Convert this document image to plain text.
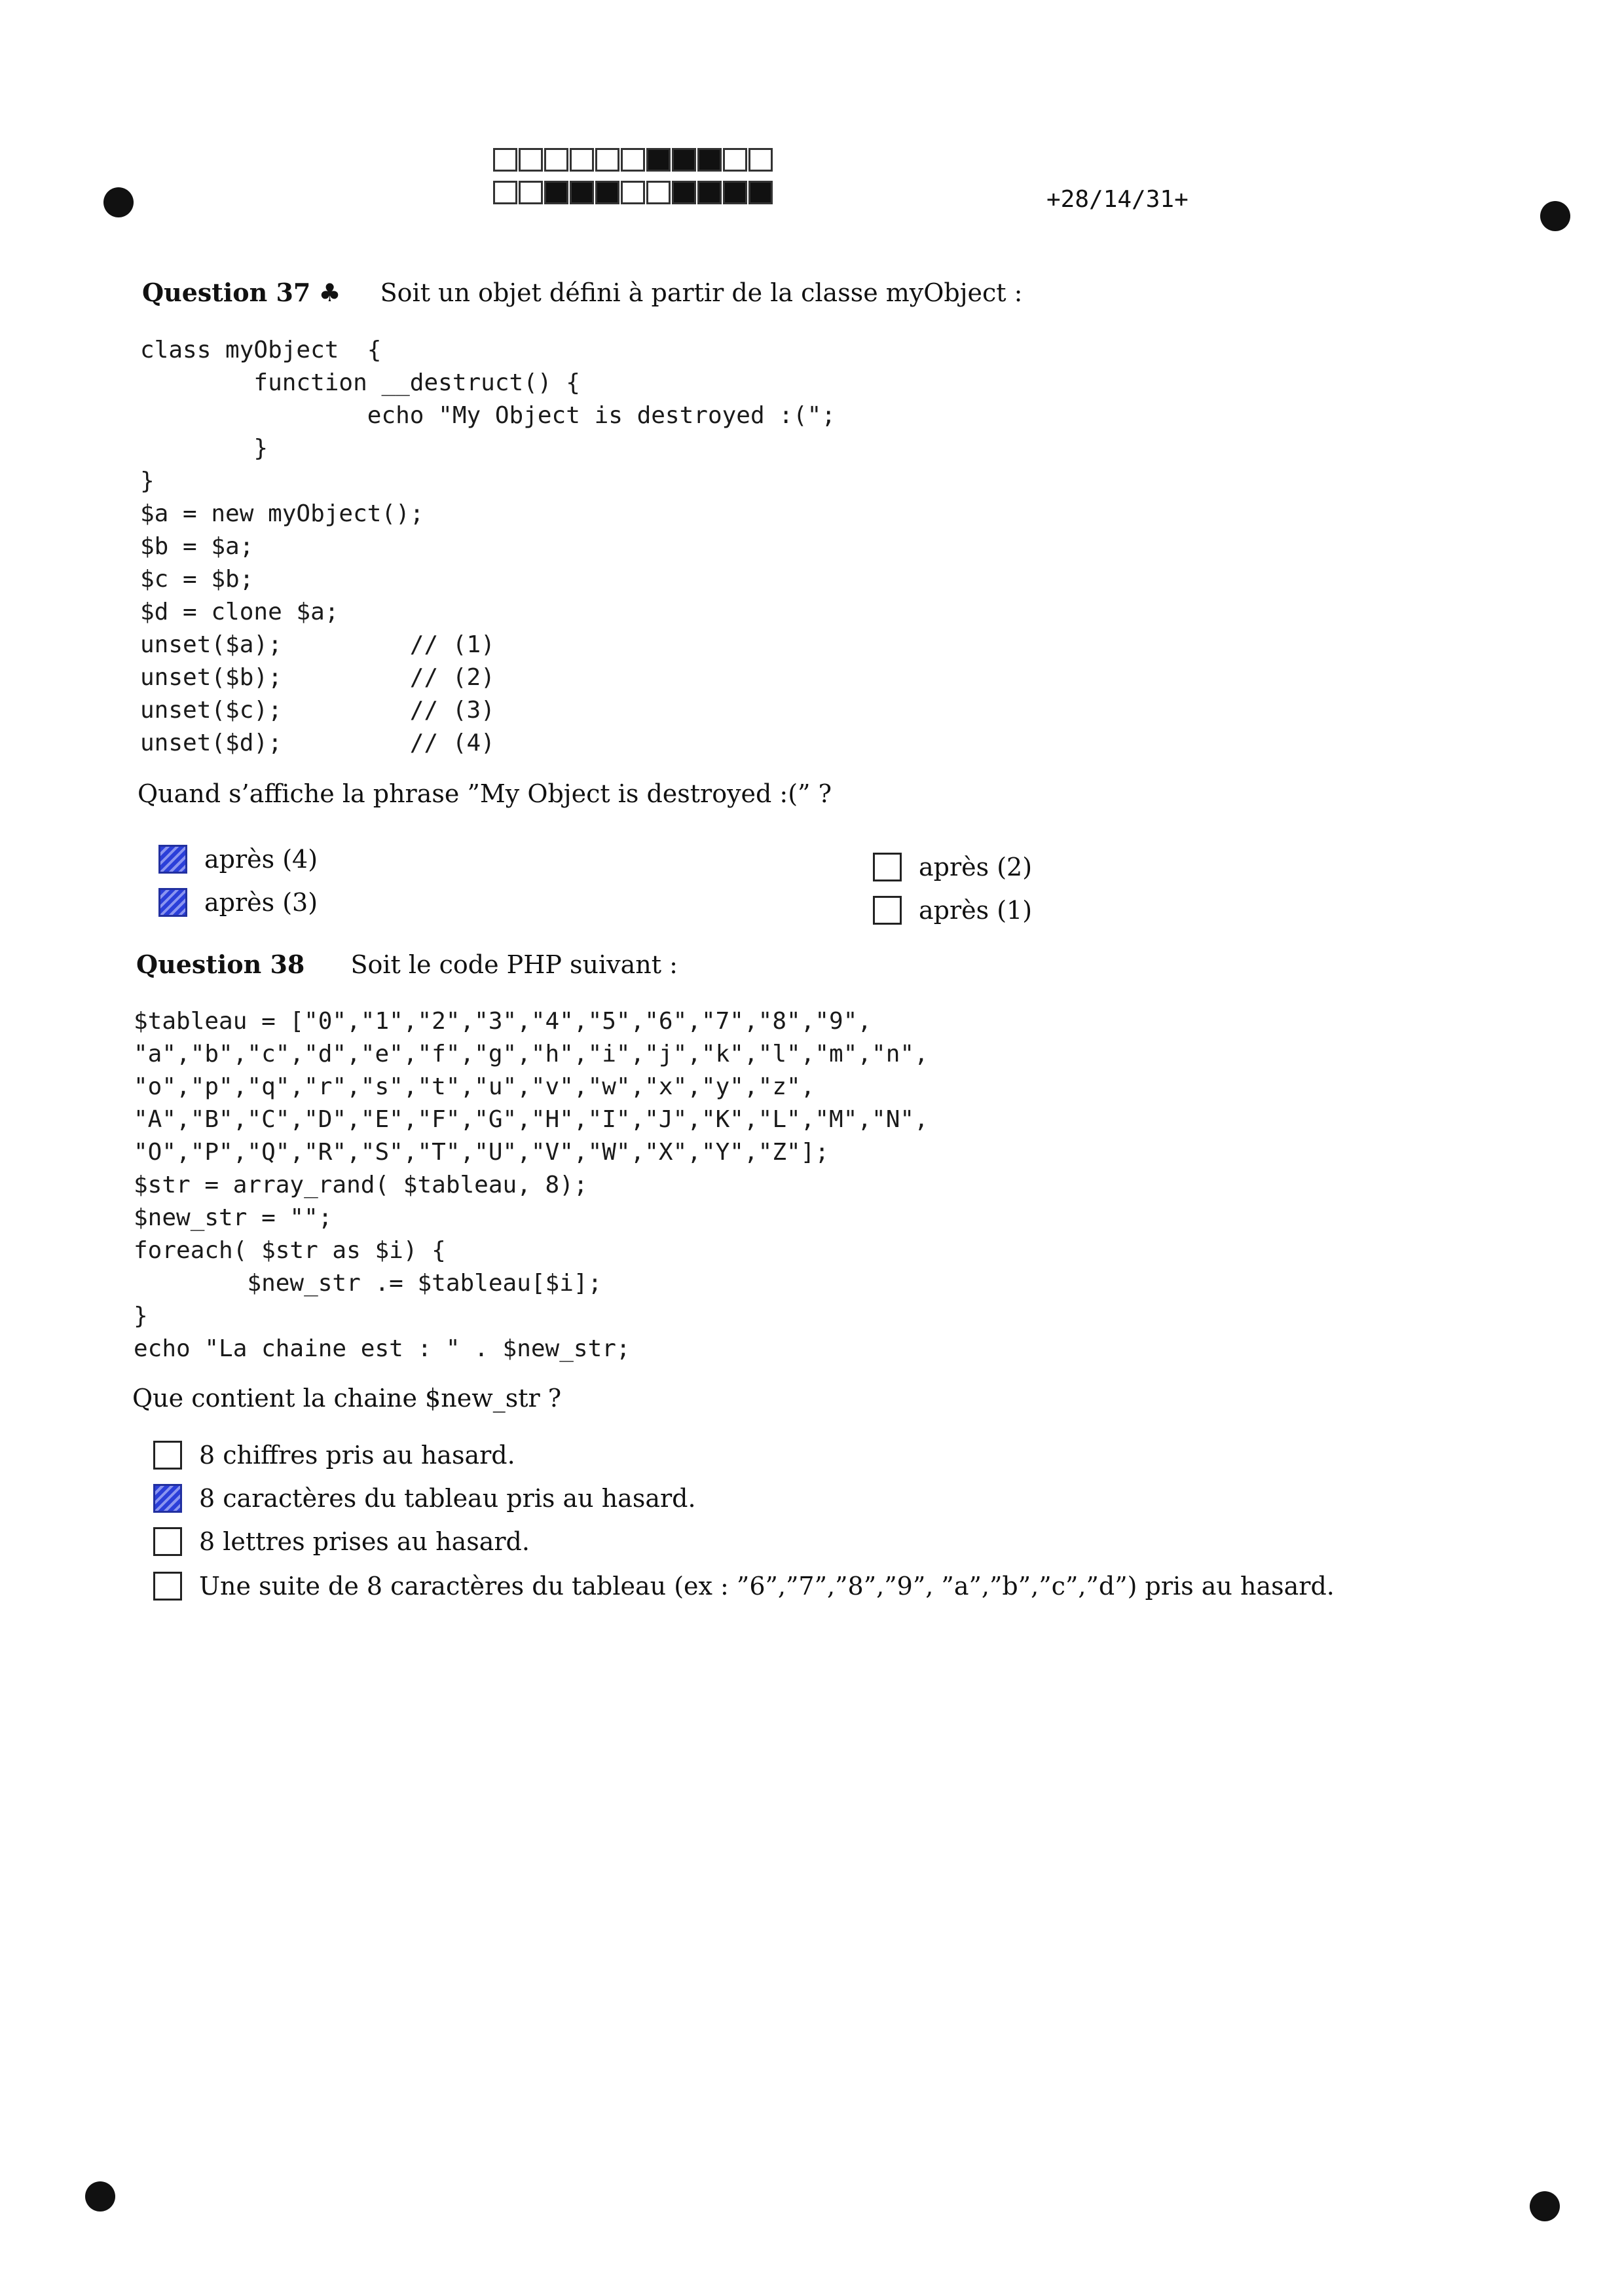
+28/14/31+
Question 37 ♣ Soit un objet défini à partir de la classe myObject :
class myObject  {
function __destruct() {
echo "My Object is destroyed :(";
}
}
$a = new myObject();
$b = $a;
$c = $b;
$d = clone $a;
unset($a);         // (1)
unset($b);         // (2)
unset($c);         // (3)
unset($d);         // (4)
Quand s’affiche la phrase ”My Object is destroyed :(” ?
après (4)
après (3)
après (2)
après (1)
Question 38 Soit le code PHP suivant :
$tableau = ["0","1","2","3","4","5","6","7","8","9",
"a","b","c","d","e","f","g","h","i","j","k","l","m","n",
"o","p","q","r","s","t","u","v","w","x","y","z",
"A","B","C","D","E","F","G","H","I","J","K","L","M","N",
"O","P","Q","R","S","T","U","V","W","X","Y","Z"];
$str = array_rand( $tableau, 8);
$new_str = "";
foreach( $str as $i) {
$new_str .= $tableau[$i];
}
echo "La chaine est : " . $new_str;
Que contient la chaine $new_str ?
8 chiffres pris au hasard.
8 caractères du tableau pris au hasard.
8 lettres prises au hasard.
Une suite de 8 caractères du tableau (ex : ”6”,”7”,”8”,”9”, ”a”,”b”,”c”,”d”) pris au hasard.
